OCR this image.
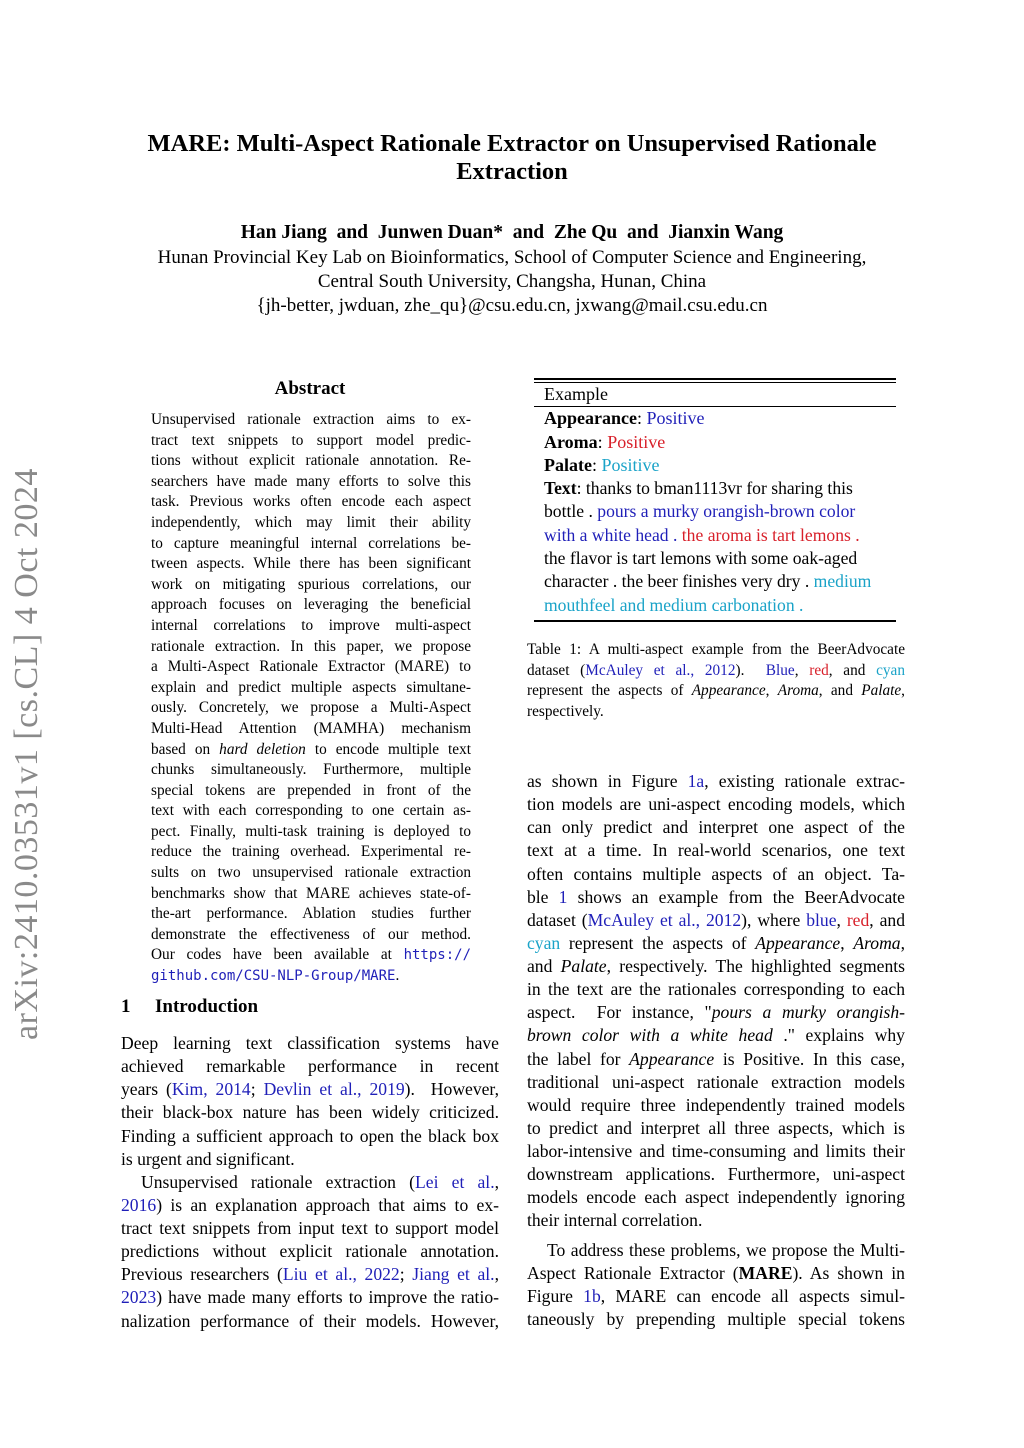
arXiv:2410.03531v1 [cs.CL] 4 Oct 2024
MARE: Multi-Aspect Rationale Extractor on Unsupervised Rationale
Extraction
Han Jiang  and  Junwen Duan*  and  Zhe Qu  and  Jianxin Wang
Hunan Provincial Key Lab on Bioinformatics, School of Computer Science and Engineering,
Central South University, Changsha, Hunan, China
{jh-better, jwduan, zhe_qu}@csu.edu.cn, jxwang@mail.csu.edu.cn
Abstract
Unsupervised rationale extraction aims to ex-
tract text snippets to support model predic-
tions without explicit rationale annotation. Re-
searchers have made many efforts to solve this
task. Previous works often encode each aspect
independently, which may limit their ability
to capture meaningful internal correlations be-
tween aspects. While there has been significant
work on mitigating spurious correlations, our
approach focuses on leveraging the beneficial
internal correlations to improve multi-aspect
rationale extraction. In this paper, we propose
a Multi-Aspect Rationale Extractor (MARE) to
explain and predict multiple aspects simultane-
ously. Concretely, we propose a Multi-Aspect
Multi-Head Attention (MAMHA) mechanism
based on hard deletion to encode multiple text
chunks simultaneously. Furthermore, multiple
special tokens are prepended in front of the
text with each corresponding to one certain as-
pect. Finally, multi-task training is deployed to
reduce the training overhead. Experimental re-
sults on two unsupervised rationale extraction
benchmarks show that MARE achieves state-of-
the-art performance. Ablation studies further
demonstrate the effectiveness of our method.
Our codes have been available at https://
github.com/CSU-NLP-Group/MARE.
1 Introduction
Deep learning text classification systems have
achieved remarkable performance in recent
years (Kim, 2014; Devlin et al., 2019).  However,
their black-box nature has been widely criticized.
Finding a sufficient approach to open the black box
is urgent and significant.
Unsupervised rationale extraction (Lei et al.,
2016) is an explanation approach that aims to ex-
tract text snippets from input text to support model
predictions without explicit rationale annotation.
Previous researchers (Liu et al., 2022; Jiang et al.,
2023) have made many efforts to improve the ratio-
nalization performance of their models. However,
Example
Appearance: Positive
Aroma: Positive
Palate: Positive
Text: thanks to bman1113vr for sharing this
bottle . pours a murky orangish-brown color
with a white head . the aroma is tart lemons .
the flavor is tart lemons with some oak-aged
character . the beer finishes very dry . medium
mouthfeel and medium carbonation .
Table 1: A multi-aspect example from the BeerAdvocate
dataset (McAuley et al., 2012).  Blue, red, and cyan
represent the aspects of Appearance, Aroma, and Palate,
respectively.
as shown in Figure 1a, existing rationale extrac-
tion models are uni-aspect encoding models, which
can only predict and interpret one aspect of the
text at a time. In real-world scenarios, one text
often contains multiple aspects of an object. Ta-
ble 1 shows an example from the BeerAdvocate
dataset (McAuley et al., 2012), where blue, red, and
cyan represent the aspects of Appearance, Aroma,
and Palate, respectively. The highlighted segments
in the text are the rationales corresponding to each
aspect.  For instance, "pours a murky orangish-
brown color with a white head ." explains why
the label for Appearance is Positive. In this case,
traditional uni-aspect rationale extraction models
would require three independently trained models
to predict and interpret all three aspects, which is
labor-intensive and time-consuming and limits their
downstream applications. Furthermore, uni-aspect
models encode each aspect independently ignoring
their internal correlation.
To address these problems, we propose the Multi-
Aspect Rationale Extractor (MARE). As shown in
Figure 1b, MARE can encode all aspects simul-
taneously by prepending multiple special tokens
